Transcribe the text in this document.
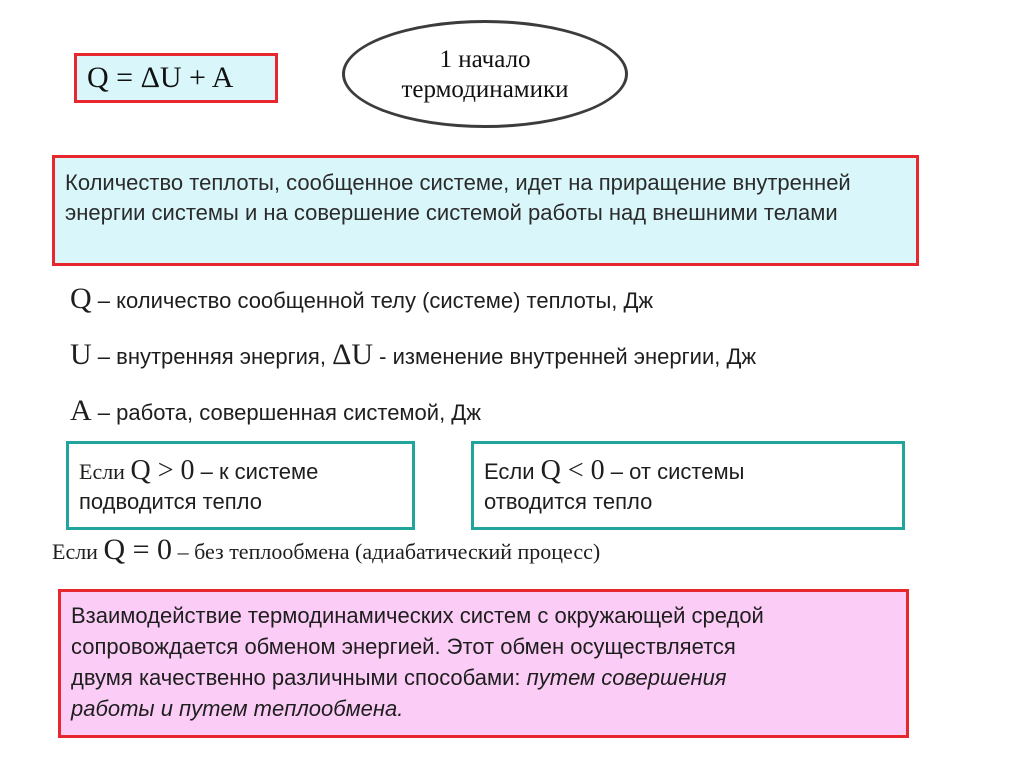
Q = ΔU + A
1 начало
термодинамики
Количество теплоты, сообщенное системе, идет на приращение внутренней
энергии системы и на совершение системой работы над внешними телами
Q – количество сообщенной телу (системе) теплоты, Дж
U – внутренняя энергия, ΔU - изменение внутренней энергии, Дж
A – работа, совершенная системой, Дж
Если Q > 0 – к системе
подводится тепло
Если Q < 0 – от системы
отводится тепло
Если Q = 0 – без теплообмена (адиабатический процесс)
Взаимодействие термодинамических систем с окружающей средой
сопровождается обменом энергией. Этот обмен осуществляется
двумя качественно различными способами: путем совершения
работы и путем теплообмена.
